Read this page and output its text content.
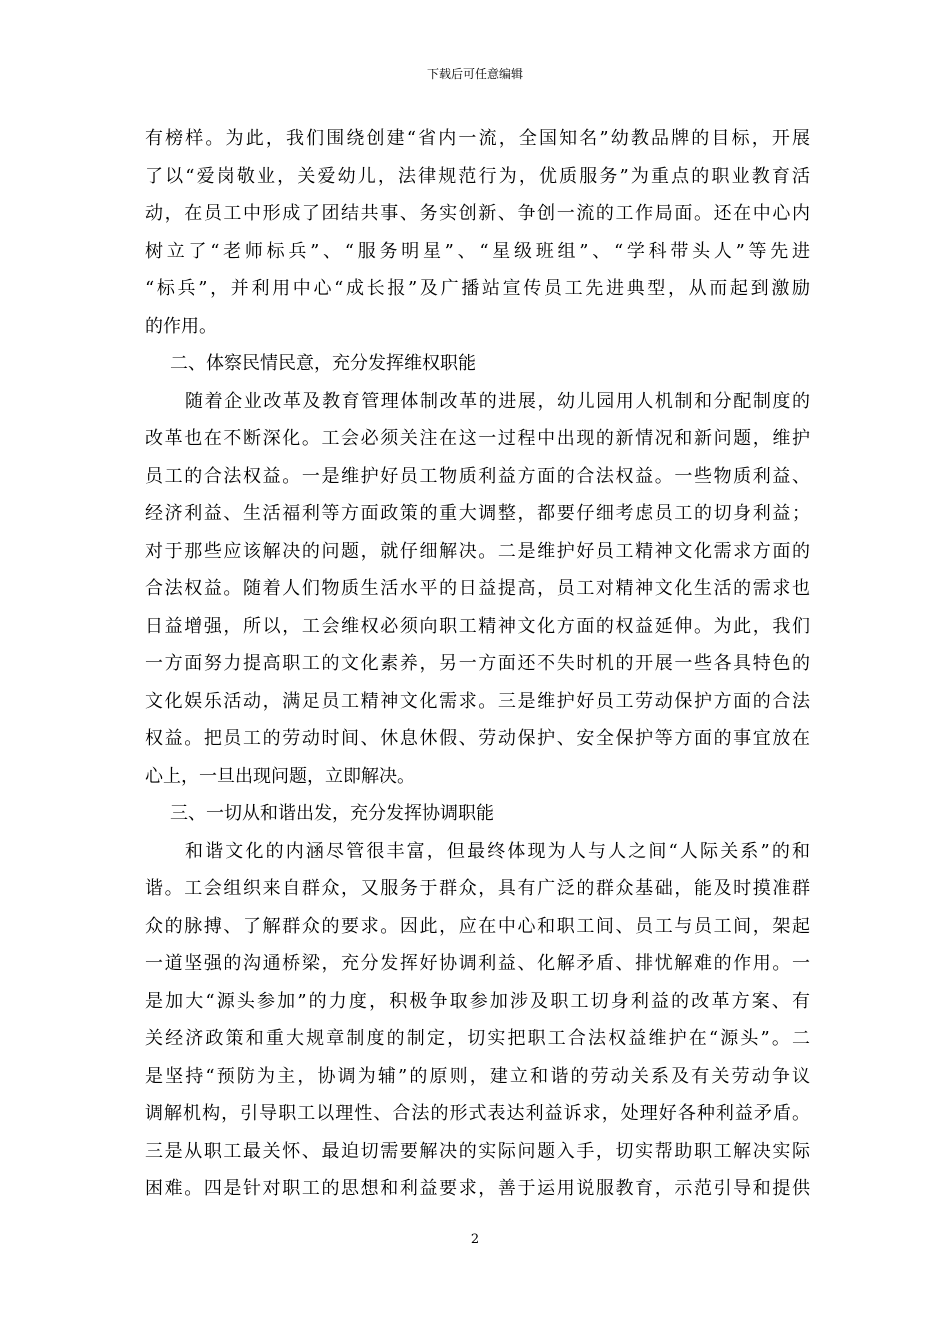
下载后可任意编辑
有榜样。为此，我们围绕创建“省内一流，全国知名”幼教品牌的目标，开展
了以“爱岗敬业，关爱幼儿，法律规范行为，优质服务”为重点的职业教育活
动，在员工中形成了团结共事、务实创新、争创一流的工作局面。还在中心内
树立了“老师标兵”、“服务明星”、“星级班组”、“学科带头人”等先进
“标兵”，并利用中心“成长报”及广播站宣传员工先进典型，从而起到激励
的作用。
二、体察民情民意，充分发挥维权职能
随着企业改革及教育管理体制改革的进展，幼儿园用人机制和分配制度的
改革也在不断深化。工会必须关注在这一过程中出现的新情况和新问题，维护
员工的合法权益。一是维护好员工物质利益方面的合法权益。一些物质利益、
经济利益、生活福利等方面政策的重大调整，都要仔细考虑员工的切身利益；
对于那些应该解决的问题，就仔细解决。二是维护好员工精神文化需求方面的
合法权益。随着人们物质生活水平的日益提高，员工对精神文化生活的需求也
日益增强，所以，工会维权必须向职工精神文化方面的权益延伸。为此，我们
一方面努力提高职工的文化素养，另一方面还不失时机的开展一些各具特色的
文化娱乐活动，满足员工精神文化需求。三是维护好员工劳动保护方面的合法
权益。把员工的劳动时间、休息休假、劳动保护、安全保护等方面的事宜放在
心上，一旦出现问题，立即解决。
三、一切从和谐出发，充分发挥协调职能
和谐文化的内涵尽管很丰富，但最终体现为人与人之间“人际关系”的和
谐。工会组织来自群众，又服务于群众，具有广泛的群众基础，能及时摸准群
众的脉搏、了解群众的要求。因此，应在中心和职工间、员工与员工间，架起
一道坚强的沟通桥梁，充分发挥好协调利益、化解矛盾、排忧解难的作用。一
是加大“源头参加”的力度，积极争取参加涉及职工切身利益的改革方案、有
关经济政策和重大规章制度的制定，切实把职工合法权益维护在“源头”。二
是坚持“预防为主，协调为辅”的原则，建立和谐的劳动关系及有关劳动争议
调解机构，引导职工以理性、合法的形式表达利益诉求，处理好各种利益矛盾。
三是从职工最关怀、最迫切需要解决的实际问题入手，切实帮助职工解决实际
困难。四是针对职工的思想和利益要求，善于运用说服教育，示范引导和提供
2
